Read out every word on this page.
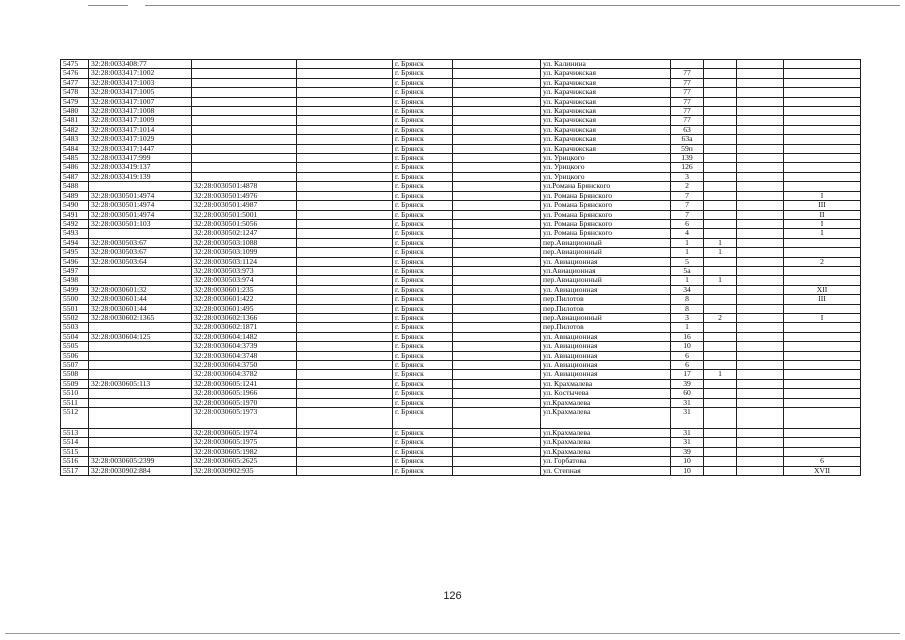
5475	32:28:0033408:77			г. Брянск		ул. Калинина				
5476	32:28:0033417:1002			г. Брянск		ул. Карачижская	77			
5477	32:28:0033417:1003			г. Брянск		ул. Карачижская	77			
5478	32:28:0033417:1005			г. Брянск		ул. Карачижская	77			
5479	32:28:0033417:1007			г. Брянск		ул. Карачижская	77			
5480	32:28:0033417:1008			г. Брянск		ул. Карачижская	77			
5481	32:28:0033417:1009			г. Брянск		ул. Карачижская	77			
5482	32:28:0033417:1014			г. Брянск		ул. Карачижская	63			
5483	32:28:0033417:1029			г. Брянск		ул. Карачижская	63а			
5484	32:28:0033417:1447			г. Брянск		ул. Карачижская	59п			
5485	32:28:0033417:999			г. Брянск		ул. Урицкого	139			
5486	32:28:0033419:137			г. Брянск		ул. Урицкого	126			
5487	32:28:0033419:139			г. Брянск		ул. Урицкого	3			
5488		32:28:0030501:4878		г. Брянск		ул.Романа Брянского	2			
5489	32:28:0030501:4974	32:28:0030501:4976		г. Брянск		ул. Романа Брянского	7			I
5490	32:28:0030501:4974	32:28:0030501:4987		г. Брянск		ул. Романа Брянского	7			III
5491	32:28:0030501:4974	32:28:0030501:5001		г. Брянск		ул. Романа Брянского	7			II
5492	32:28:0030501:103	32:28:0030501:5056		г. Брянск		ул. Романа Брянского	6			I
5493		32:28:0030502:1247		г. Брянск		ул. Романа Брянского	4			I
5494	32:28:0030503:67	32:28:0030503:1088		г. Брянск		пер.Авиационный	1	1		
5495	32:28:0030503:67	32:28:0030503:1099		г. Брянск		пер.Авиационный	1	1		
5496	32:28:0030503:64	32:28:0030503:1124		г. Брянск		ул. Авиационная	5			2
5497		32:28:0030503:973		г. Брянск		ул.Авиационная	5а			
5498		32:28:0030503:974		г. Брянск		пер.Авиационный	1	1		
5499	32:28:0030601:32	32:28:0030601:235		г. Брянск		ул. Авиационная	34			XII
5500	32:28:0030601:44	32:28:0030601:422		г. Брянск		пер.Пилотов	8			III
5501	32:28:0030601:44	32:28:0030601:495		г. Брянск		пер.Пилотов	8			
5502	32:28:0030602:1365	32:28:0030602:1366		г. Брянск		пер.Авиационный	3	2		I
5503		32:28:0030602:1871		г. Брянск		пер.Пилотов	1			
5504	32:28:0030604:125	32:28:0030604:1482		г. Брянск		ул. Авиационная	16			
5505		32:28:0030604:3739		г. Брянск		ул. Авиационная	10			
5506		32:28:0030604:3748		г. Брянск		ул. Авиационная	6			
5507		32:28:0030604:3750		г. Брянск		ул. Авиационная	6			
5508		32:28:0030604:3782		г. Брянск		ул. Авиационная	17	1		
5509	32:28:0030605:113	32:28:0030605:1241		г. Брянск		ул. Крахмалева	39			
5510		32:28:0030605:1966		г. Брянск		ул. Костычева	60			
5511		32:28:0030605:1970		г. Брянск		ул.Крахмалева	31			
5512		32:28:0030605:1973		г. Брянск		ул.Крахмалева	31			
5513		32:28:0030605:1974		г. Брянск		ул.Крахмалева	31			
5514		32:28:0030605:1975		г. Брянск		ул.Крахмалева	31			
5515		32:28:0030605:1982		г. Брянск		ул.Крахмалева	39			
5516	32:28:0030605:2399	32:28:0030605:2625		г. Брянск		ул. Горбатова	10			6
5517	32:28:0030902:884	32:28:0030902:935		г. Брянск		ул. Степная	10			XVII
126
